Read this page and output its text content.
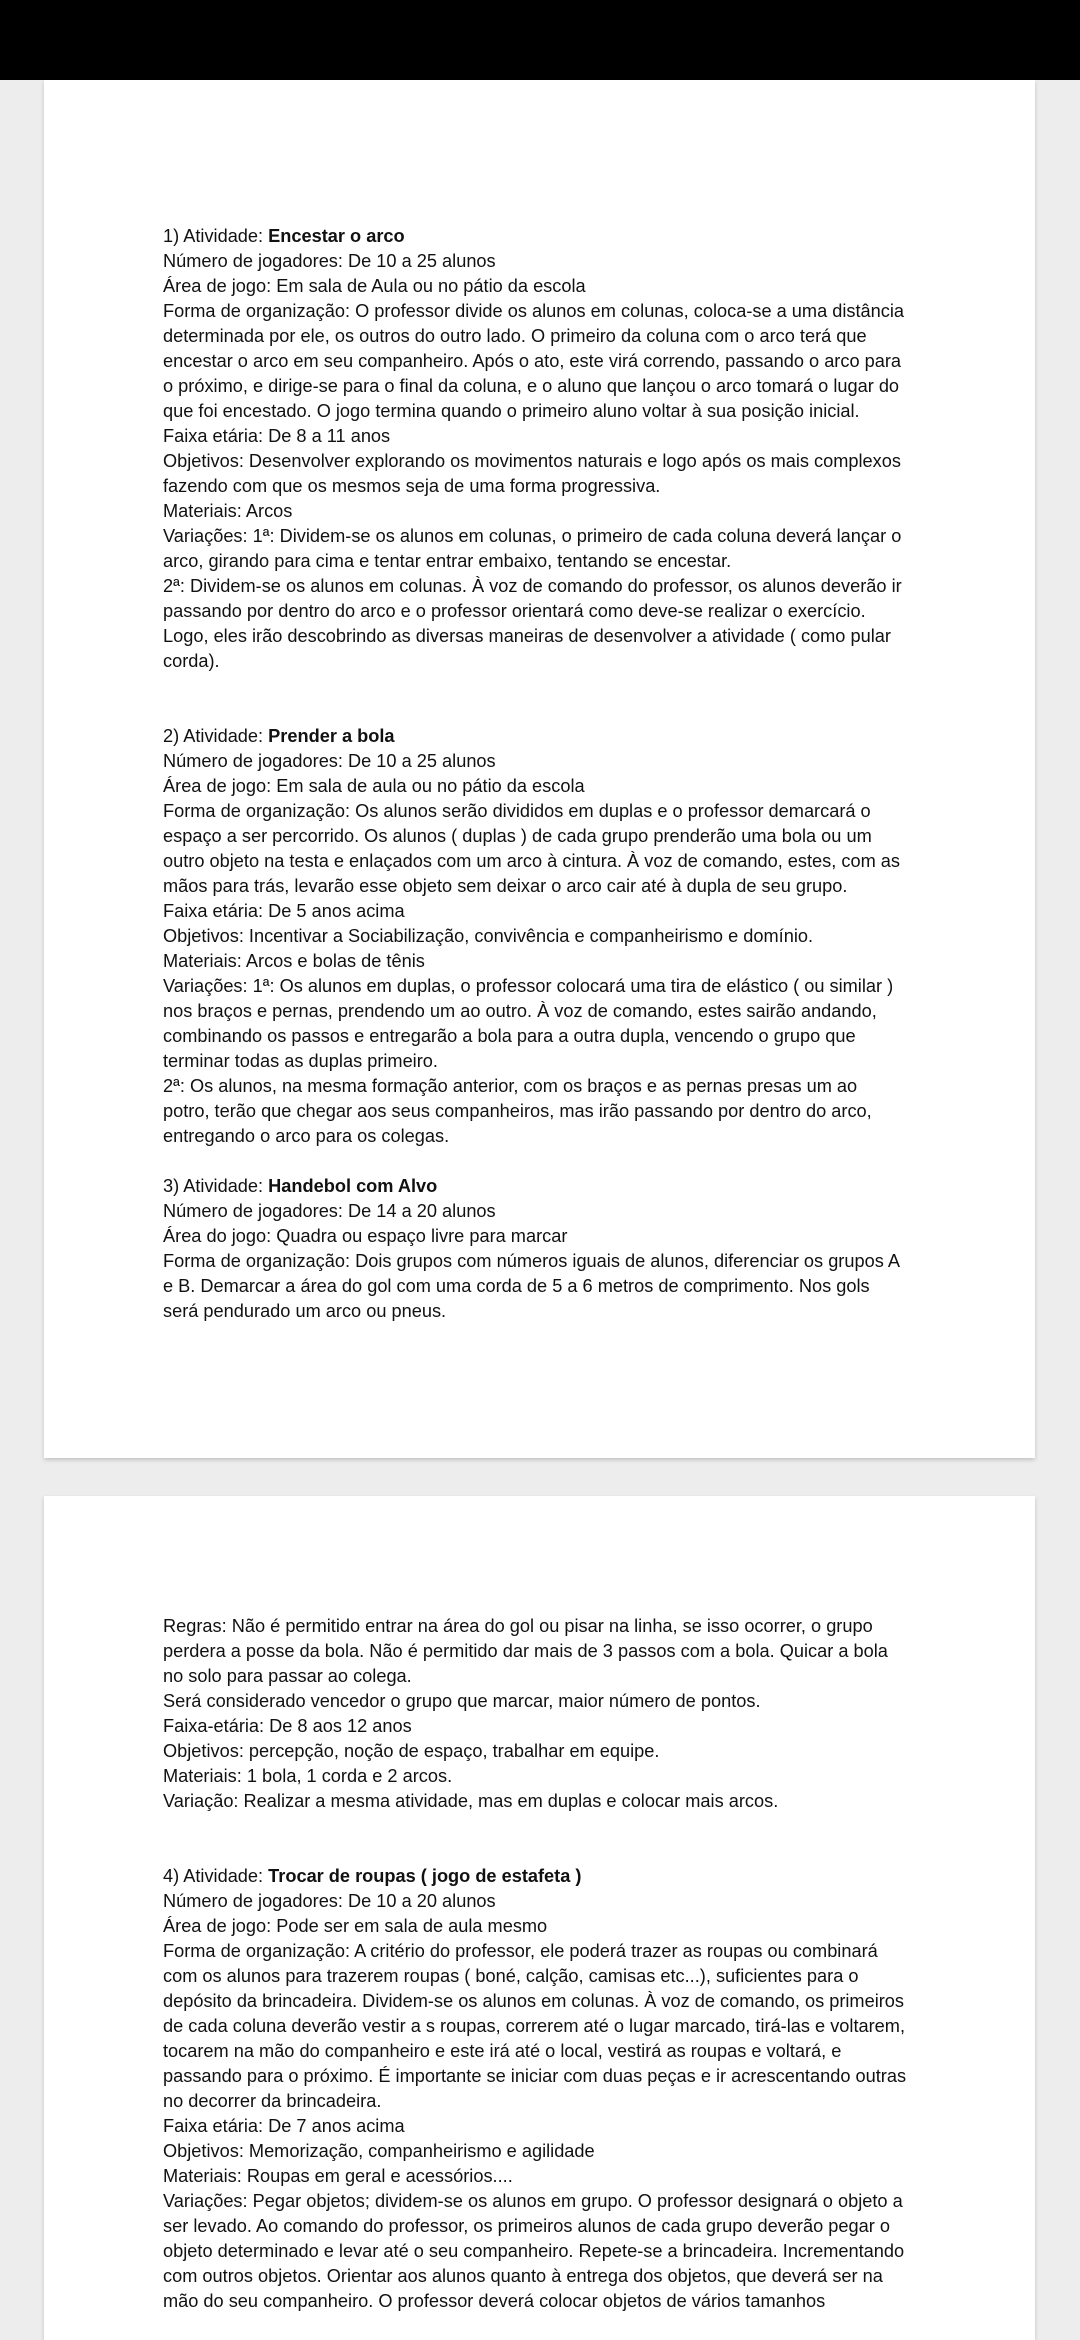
1) Atividade: Encestar o arco
Número de jogadores: De 10 a 25 alunos
Área de jogo: Em sala de Aula ou no pátio da escola
Forma de organização: O professor divide os alunos em colunas, coloca-se a uma distância
determinada por ele, os outros do outro lado. O primeiro da coluna com o arco terá que
encestar o arco em seu companheiro. Após o ato, este virá correndo, passando o arco para
o próximo, e dirige-se para o final da coluna, e o aluno que lançou o arco tomará o lugar do
que foi encestado. O jogo termina quando o primeiro aluno voltar à sua posição inicial.
Faixa etária: De 8 a 11 anos
Objetivos: Desenvolver explorando os movimentos naturais e logo após os mais complexos
fazendo com que os mesmos seja de uma forma progressiva.
Materiais: Arcos
Variações: 1ª: Dividem-se os alunos em colunas, o primeiro de cada coluna deverá lançar o
arco, girando para cima e tentar entrar embaixo, tentando se encestar.
2ª: Dividem-se os alunos em colunas. À voz de comando do professor, os alunos deverão ir
passando por dentro do arco e o professor orientará como deve-se realizar o exercício.
Logo, eles irão descobrindo as diversas maneiras de desenvolver a atividade ( como pular
corda).
2) Atividade: Prender a bola
Número de jogadores: De 10 a 25 alunos
Área de jogo: Em sala de aula ou no pátio da escola
Forma de organização: Os alunos serão divididos em duplas e o professor demarcará o
espaço a ser percorrido. Os alunos ( duplas ) de cada grupo prenderão uma bola ou um
outro objeto na testa e enlaçados com um arco à cintura. À voz de comando, estes, com as
mãos para trás, levarão esse objeto sem deixar o arco cair até à dupla de seu grupo.
Faixa etária: De 5 anos acima
Objetivos: Incentivar a Sociabilização, convivência e companheirismo e domínio.
Materiais: Arcos e bolas de tênis
Variações: 1ª: Os alunos em duplas, o professor colocará uma tira de elástico ( ou similar )
nos braços e pernas, prendendo um ao outro. À voz de comando, estes sairão andando,
combinando os passos e entregarão a bola para a outra dupla, vencendo o grupo que
terminar todas as duplas primeiro.
2ª: Os alunos, na mesma formação anterior, com os braços e as pernas presas um ao
potro, terão que chegar aos seus companheiros, mas irão passando por dentro do arco,
entregando o arco para os colegas.
3) Atividade: Handebol com Alvo
Número de jogadores: De 14 a 20 alunos
Área do jogo: Quadra ou espaço livre para marcar
Forma de organização: Dois grupos com números iguais de alunos, diferenciar os grupos A
e B. Demarcar a área do gol com uma corda de 5 a 6 metros de comprimento. Nos gols
será pendurado um arco ou pneus.
Regras: Não é permitido entrar na área do gol ou pisar na linha, se isso ocorrer, o grupo
perdera a posse da bola. Não é permitido dar mais de 3 passos com a bola. Quicar a bola
no solo para passar ao colega.
Será considerado vencedor o grupo que marcar, maior número de pontos.
Faixa-etária: De 8 aos 12 anos
Objetivos: percepção, noção de espaço, trabalhar em equipe.
Materiais: 1 bola, 1 corda e 2 arcos.
Variação: Realizar a mesma atividade, mas em duplas e colocar mais arcos.
4) Atividade: Trocar de roupas ( jogo de estafeta )
Número de jogadores: De 10 a 20 alunos
Área de jogo: Pode ser em sala de aula mesmo
Forma de organização: A critério do professor, ele poderá trazer as roupas ou combinará
com os alunos para trazerem roupas ( boné, calção, camisas etc...), suficientes para o
depósito da brincadeira. Dividem-se os alunos em colunas. À voz de comando, os primeiros
de cada coluna deverão vestir a s roupas, correrem até o lugar marcado, tirá-las e voltarem,
tocarem na mão do companheiro e este irá até o local, vestirá as roupas e voltará, e
passando para o próximo. É importante se iniciar com duas peças e ir acrescentando outras
no decorrer da brincadeira.
Faixa etária: De 7 anos acima
Objetivos: Memorização, companheirismo e agilidade
Materiais: Roupas em geral e acessórios....
Variações: Pegar objetos; dividem-se os alunos em grupo. O professor designará o objeto a
ser levado. Ao comando do professor, os primeiros alunos de cada grupo deverão pegar o
objeto determinado e levar até o seu companheiro. Repete-se a brincadeira. Incrementando
com outros objetos. Orientar aos alunos quanto à entrega dos objetos, que deverá ser na
mão do seu companheiro. O professor deverá colocar objetos de vários tamanhos
